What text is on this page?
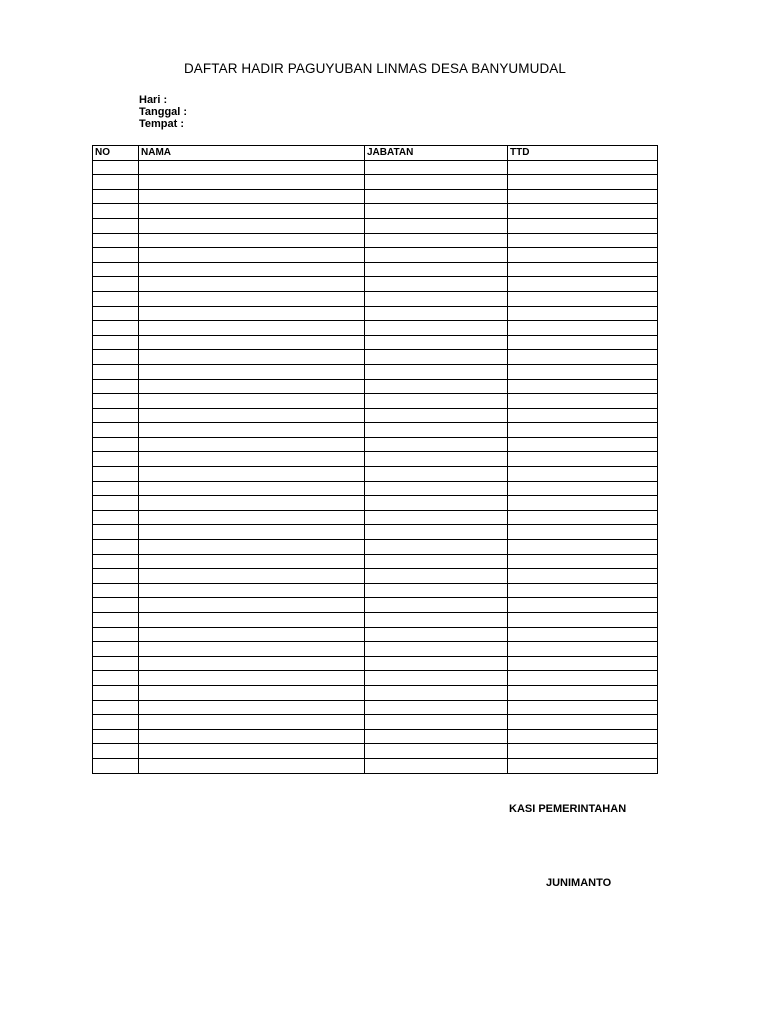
DAFTAR HADIR PAGUYUBAN LINMAS DESA BANYUMUDAL
Hari :
Tanggal :
Tempat :
NO	NAMA	JABATAN	TTD

KASI PEMERINTAHAN
JUNIMANTO
